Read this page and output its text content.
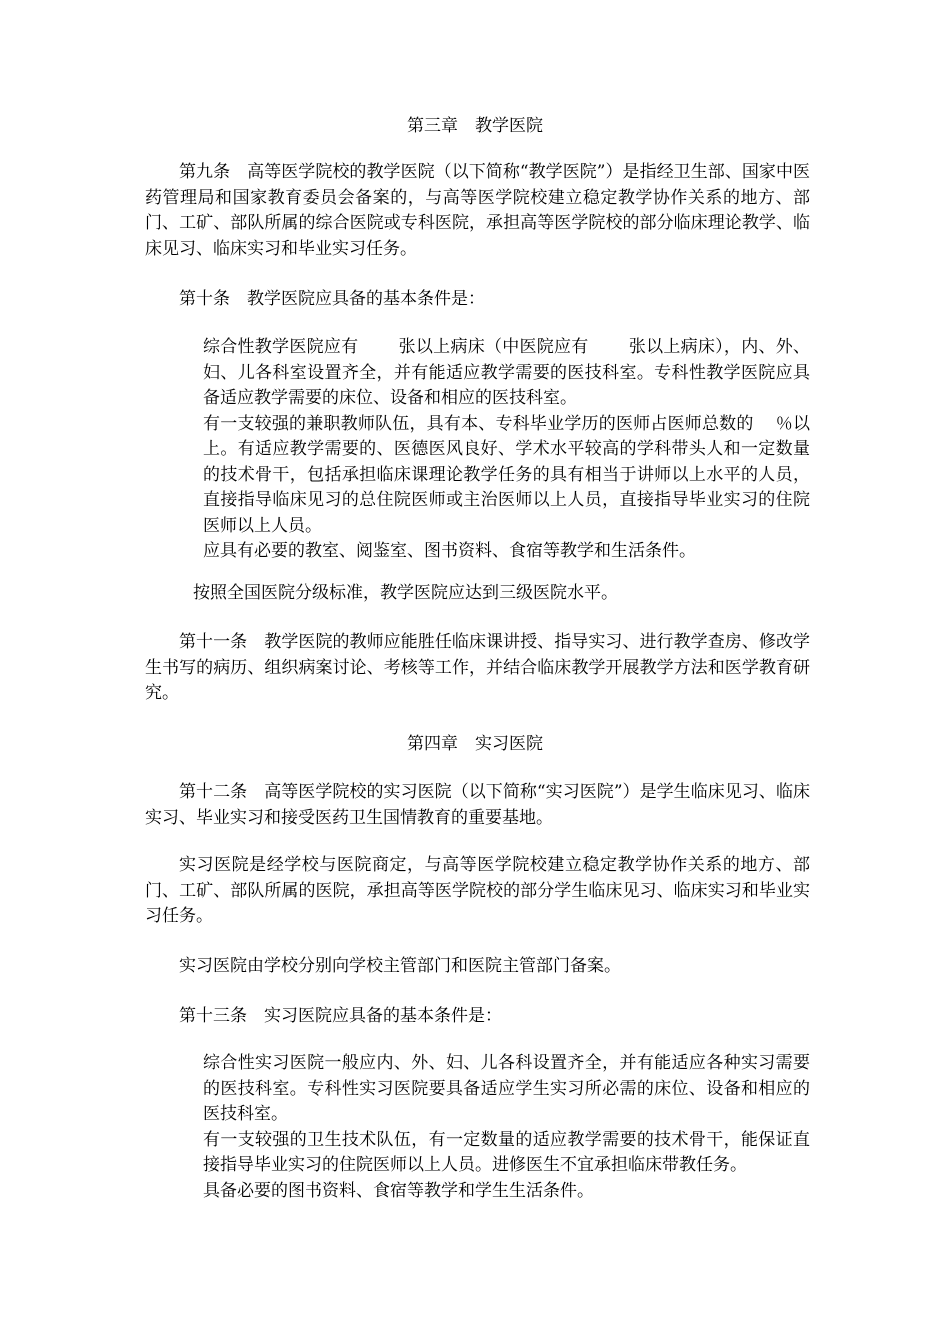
第三章　教学医院

第九条　高等医学院校的教学医院（以下简称“教学医院”）是指经卫生部、国家中医药管理局和国家教育委员会备案的，与高等医学院校建立稳定教学协作关系的地方、部门、工矿、部队所属的综合医院或专科医院，承担高等医学院校的部分临床理论教学、临床见习、临床实习和毕业实习任务。

第十条　教学医院应具备的基本条件是：

综合性教学医院应有 张以上病床（中医院应有 张以上病床），内、外、妇、儿各科室设置齐全，并有能适应教学需要的医技科室。专科性教学医院应具备适应教学需要的床位、设备和相应的医技科室。
有一支较强的兼职教师队伍，具有本、专科毕业学历的医师占医师总数的 ％以上。有适应教学需要的、医德医风良好、学术水平较高的学科带头人和一定数量的技术骨干，包括承担临床课理论教学任务的具有相当于讲师以上水平的人员，直接指导临床见习的总住院医师或主治医师以上人员，直接指导毕业实习的住院医师以上人员。
应具有必要的教室、阅鉴室、图书资料、食宿等教学和生活条件。

按照全国医院分级标准，教学医院应达到三级医院水平。

第十一条　教学医院的教师应能胜任临床课讲授、指导实习、进行教学查房、修改学生书写的病历、组织病案讨论、考核等工作，并结合临床教学开展教学方法和医学教育研究。

第四章　实习医院

第十二条　高等医学院校的实习医院（以下简称“实习医院”）是学生临床见习、临床实习、毕业实习和接受医药卫生国情教育的重要基地。

实习医院是经学校与医院商定，与高等医学院校建立稳定教学协作关系的地方、部门、工矿、部队所属的医院，承担高等医学院校的部分学生临床见习、临床实习和毕业实习任务。

实习医院由学校分别向学校主管部门和医院主管部门备案。

第十三条　实习医院应具备的基本条件是：

综合性实习医院一般应内、外、妇、儿各科设置齐全，并有能适应各种实习需要的医技科室。专科性实习医院要具备适应学生实习所必需的床位、设备和相应的医技科室。
有一支较强的卫生技术队伍，有一定数量的适应教学需要的技术骨干，能保证直接指导毕业实习的住院医师以上人员。进修医生不宜承担临床带教任务。
具备必要的图书资料、食宿等教学和学生生活条件。
